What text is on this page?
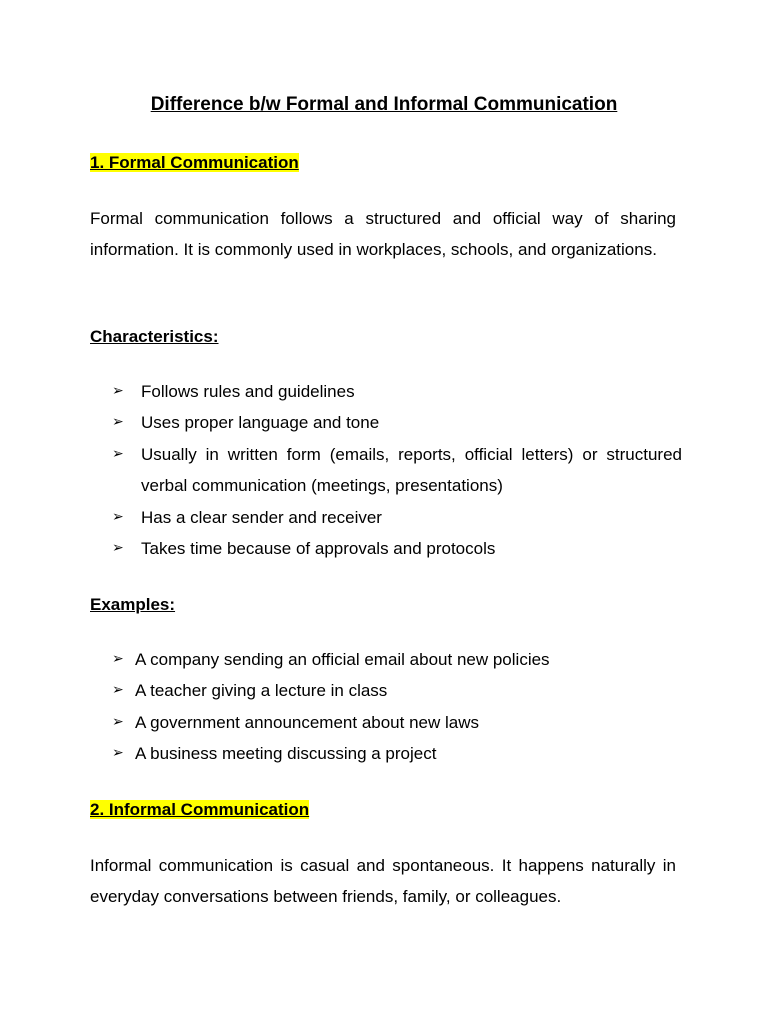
Difference b/w Formal and Informal Communication
1. Formal Communication
Formal communication follows a structured and official way of sharing information. It is commonly used in workplaces, schools, and organizations.
Characteristics:
➢	Follows rules and guidelines
➢	Uses proper language and tone
➢ Usually in written form (emails, reports, official letters) or structured verbal communication (meetings, presentations)
➢	Has a clear sender and receiver
➢	Takes time because of approvals and protocols
Examples:
➢ A company sending an official email about new policies
➢ A teacher giving a lecture in class
➢ A government announcement about new laws
➢ A business meeting discussing a project
2. Informal Communication
Informal communication is casual and spontaneous. It happens naturally in everyday conversations between friends, family, or colleagues.
